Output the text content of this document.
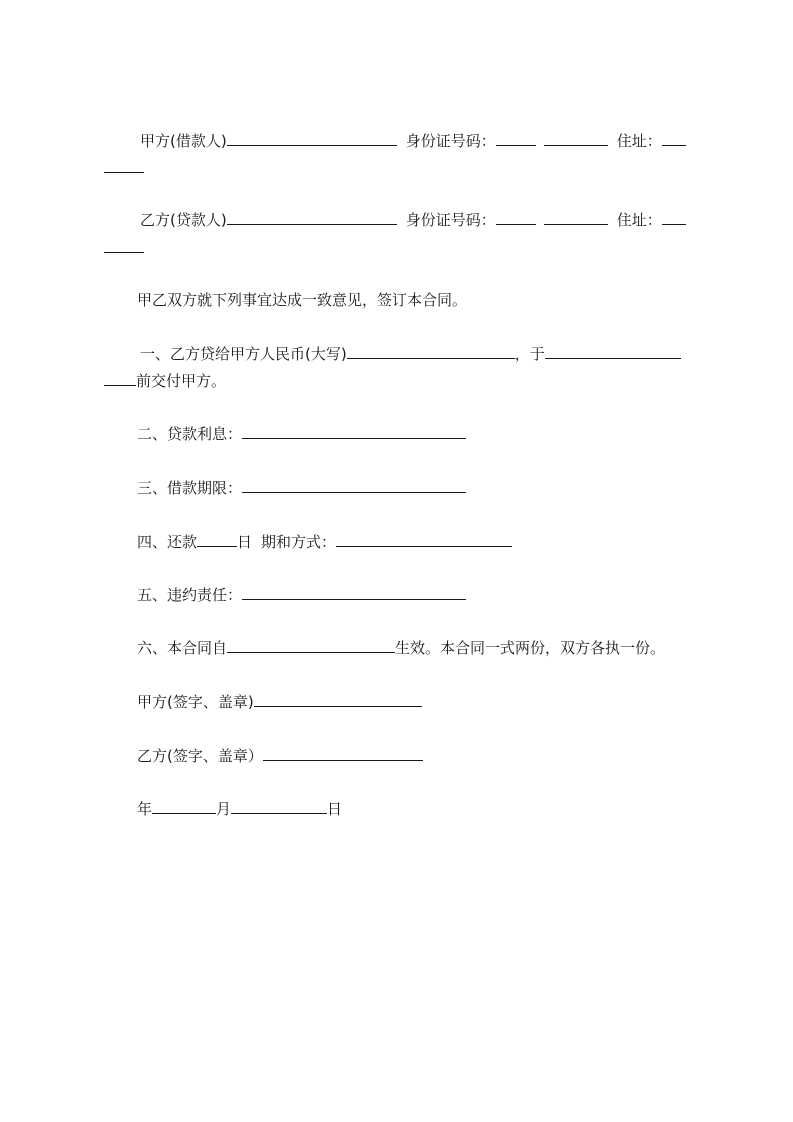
甲方(借款人)	身份证号码：	住址：
乙方(贷款人)	身份证号码：	住址：
甲乙双方就下列事宜达成一致意见，签订本合同。
一、乙方贷给甲方人民币(大写)	，于
前交付甲方。
二、贷款利息：
三、借款期限：
四、还款	日 期和方式：
五、违约责任：
六、本合同自	生效。本合同一式两份，双方各执一份。
甲方(签字、盖章)
乙方(签字、盖章）
年	月	日
